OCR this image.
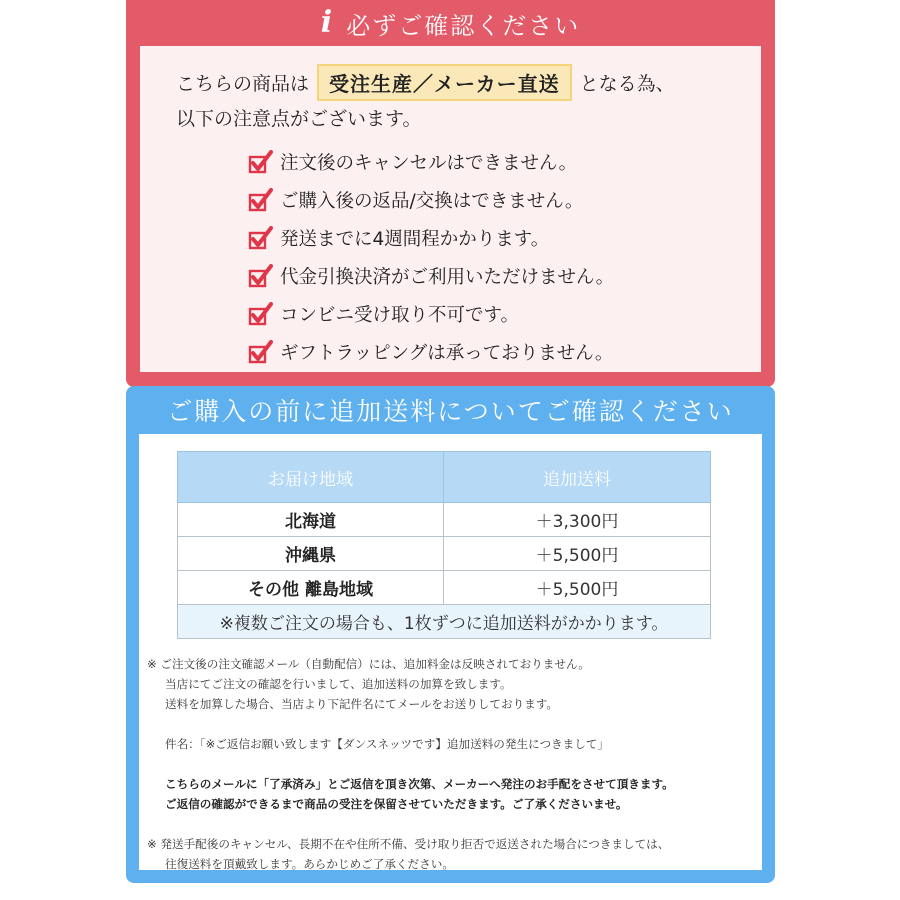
i 必ずご確認ください
こちらの商品は	受注生産／メーカー直送	となる為、
以下の注意点がございます。
注文後のキャンセルはできません。
ご購入後の返品/交換はできません。
発送までに4週間程かかります。
代金引換決済がご利用いただけません。
コンビニ受け取り不可です。
ギフトラッピングは承っておりません。
ご購入の前に追加送料についてご確認ください
お届け地域	追加送料
北海道	＋3,300円
沖縄県	＋5,500円
その他 離島地域	＋5,500円
※複数ご注文の場合も、1枚ずつに追加送料がかかります。	

※ ご注文後の注文確認メール（自動配信）には、追加料金は反映されておりません。

当店にてご注文の確認を行いまして、追加送料の加算を致します。

送料を加算した場合、当店より下記件名にてメールをお送りしております。

件名：「※ご返信お願い致します【ダンスネッツです】追加送料の発生につきまして」

こちらのメールに「了承済み」とご返信を頂き次第、メーカーへ発注のお手配をさせて頂きます。

ご返信の確認ができるまで商品の受注を保留させていただきます。ご了承くださいませ。

※ 発送手配後のキャンセル、長期不在や住所不備、受け取り拒否で返送された場合につきましては、

往復送料を頂戴致します。あらかじめご了承ください。
